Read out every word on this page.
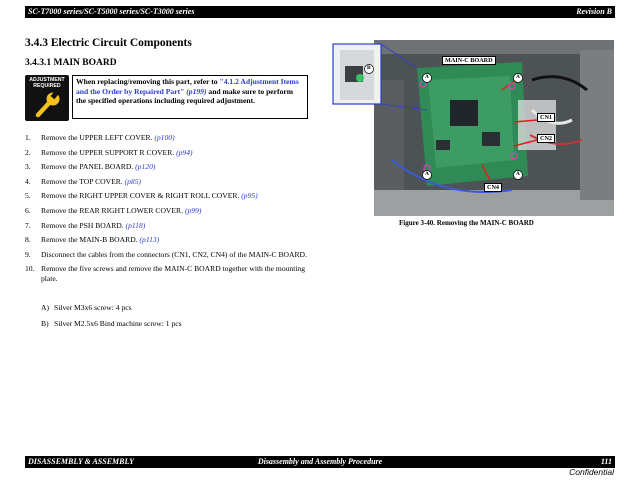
SC-T7000 series/SC-T5000 series/SC-T3000 series	Revision B
3.4.3 Electric Circuit Components
3.4.3.1 MAIN BOARD
ADJUSTMENT
REQUIRED	When replacing/removing this part, refer to "4.1.2 Adjustment Items and the Order by Repaired Part" (p199) and make sure to perform the specified operations including required adjustment.
1. Remove the UPPER LEFT COVER. (p100)
2. Remove the UPPER SUPPORT R COVER. (p94)
3. Remove the PANEL BOARD. (p120)
4. Remove the TOP COVER. (p85)
5. Remove the RIGHT UPPER COVER & RIGHT ROLL COVER. (p95)
6. Remove the REAR RIGHT LOWER COVER. (p99)
7. Remove the PSH BOARD. (p118)
8. Remove the MAIN-B BOARD. (p113)
9. Disconnect the cables from the connectors (CN1, CN2, CN4) of the MAIN-C BOARD.
10. Remove the five screws and remove the MAIN-C BOARD together with the mounting plate.
A) Silver M3x6 screw: 4 pcs
B) Silver M2.5x6 Bind machine screw: 1 pcs
MAIN-C BOARD
CN1
CN2
CN4
A	A
A	A
B
Figure 3-40. Removing the MAIN-C BOARD
DISASSEMBLY & ASSEMBLY	Disassembly and Assembly Procedure	111
Confidential
